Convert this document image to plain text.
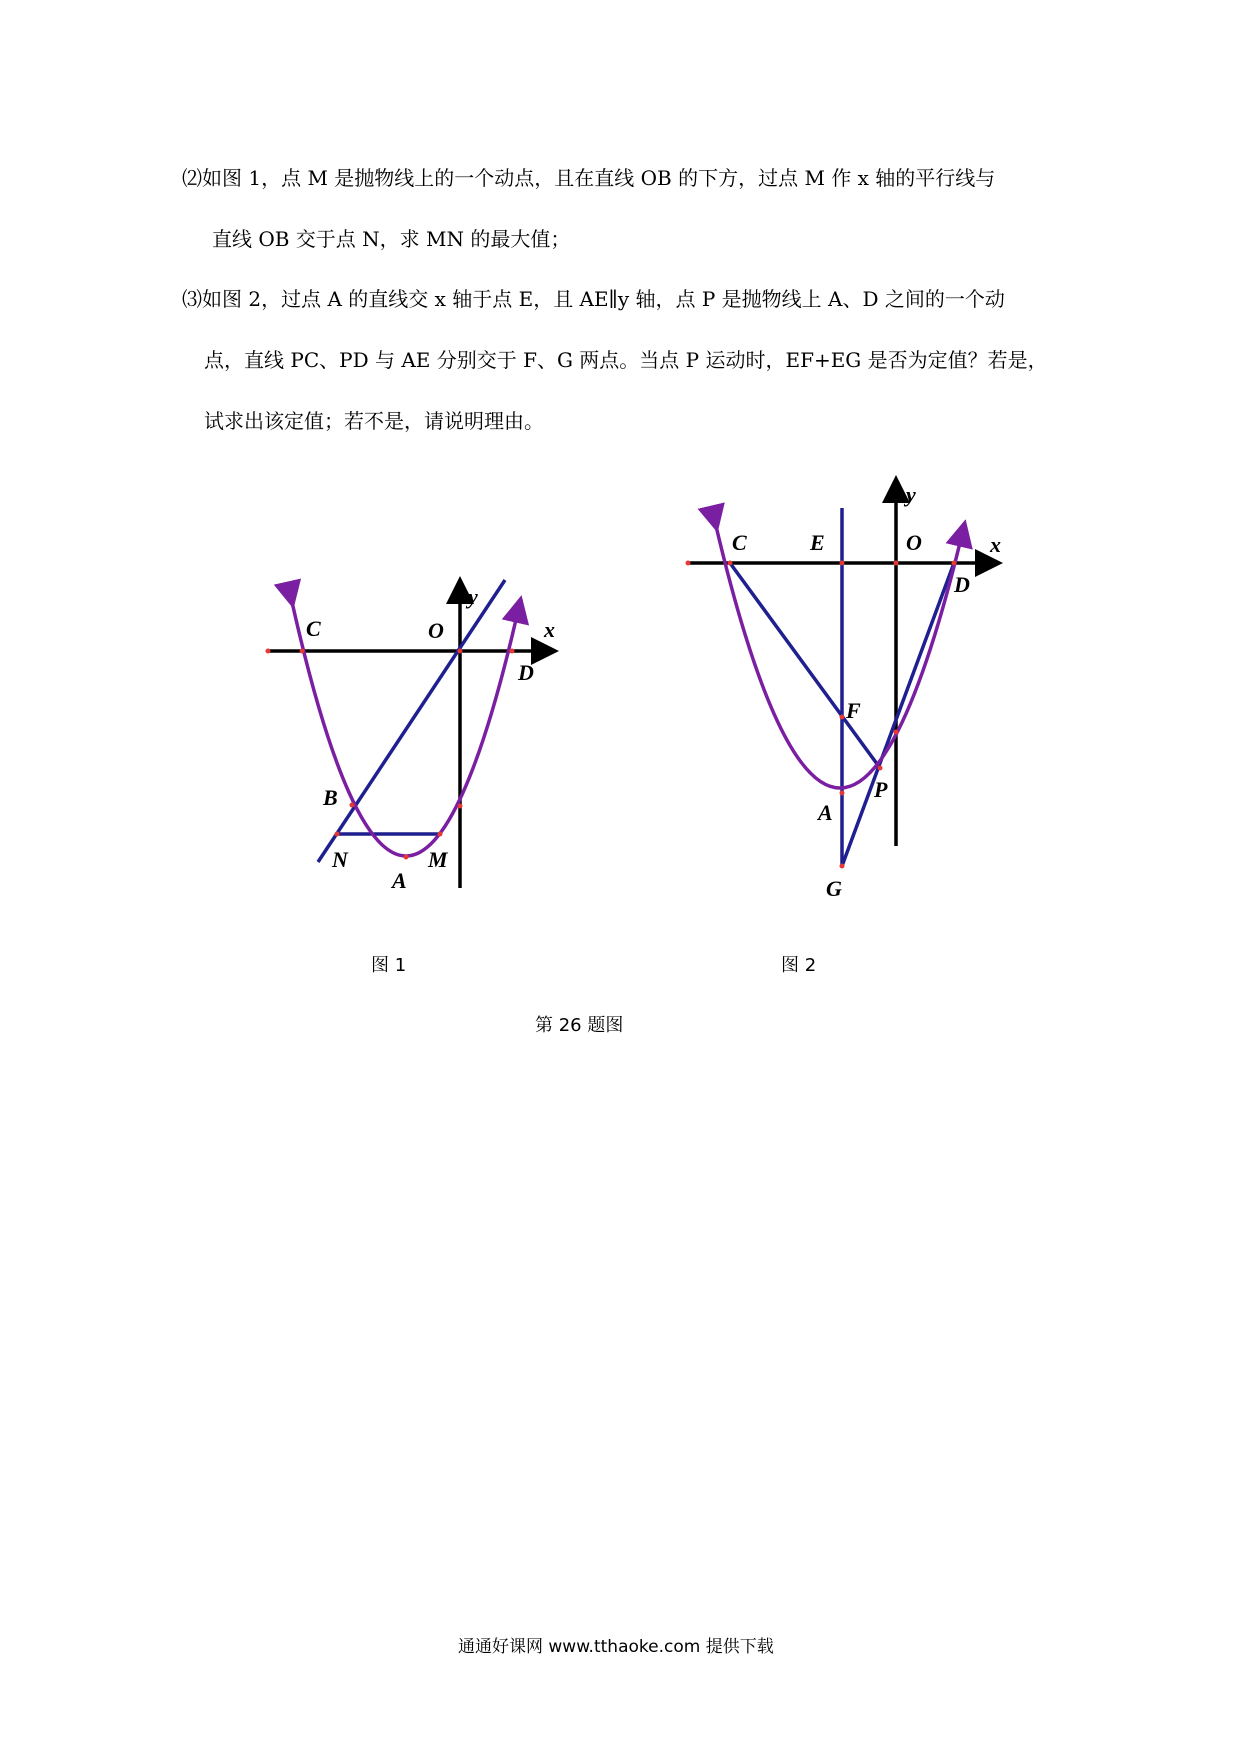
⑵如图 1，点 M 是抛物线上的一个动点，且在直线 OB 的下方，过点 M 作 x 轴的平行线与
直线 OB 交于点 N，求 MN 的最大值；
⑶如图 2，过点 A 的直线交 x 轴于点 E，且 AE∥y 轴，点 P 是抛物线上 A、D 之间的一个动
点，直线 PC、PD 与 AE 分别交于 F、G 两点。当点 P 运动时，EF+EG 是否为定值？若是，
试求出该定值；若不是，请说明理由。
C	O
y
x
D
B
N	M
A
y
C	E	O	x
D
F
P
A
G
图 1	图 2
第 26 题图
通通好课网 www.tthaoke.com 提供下载
